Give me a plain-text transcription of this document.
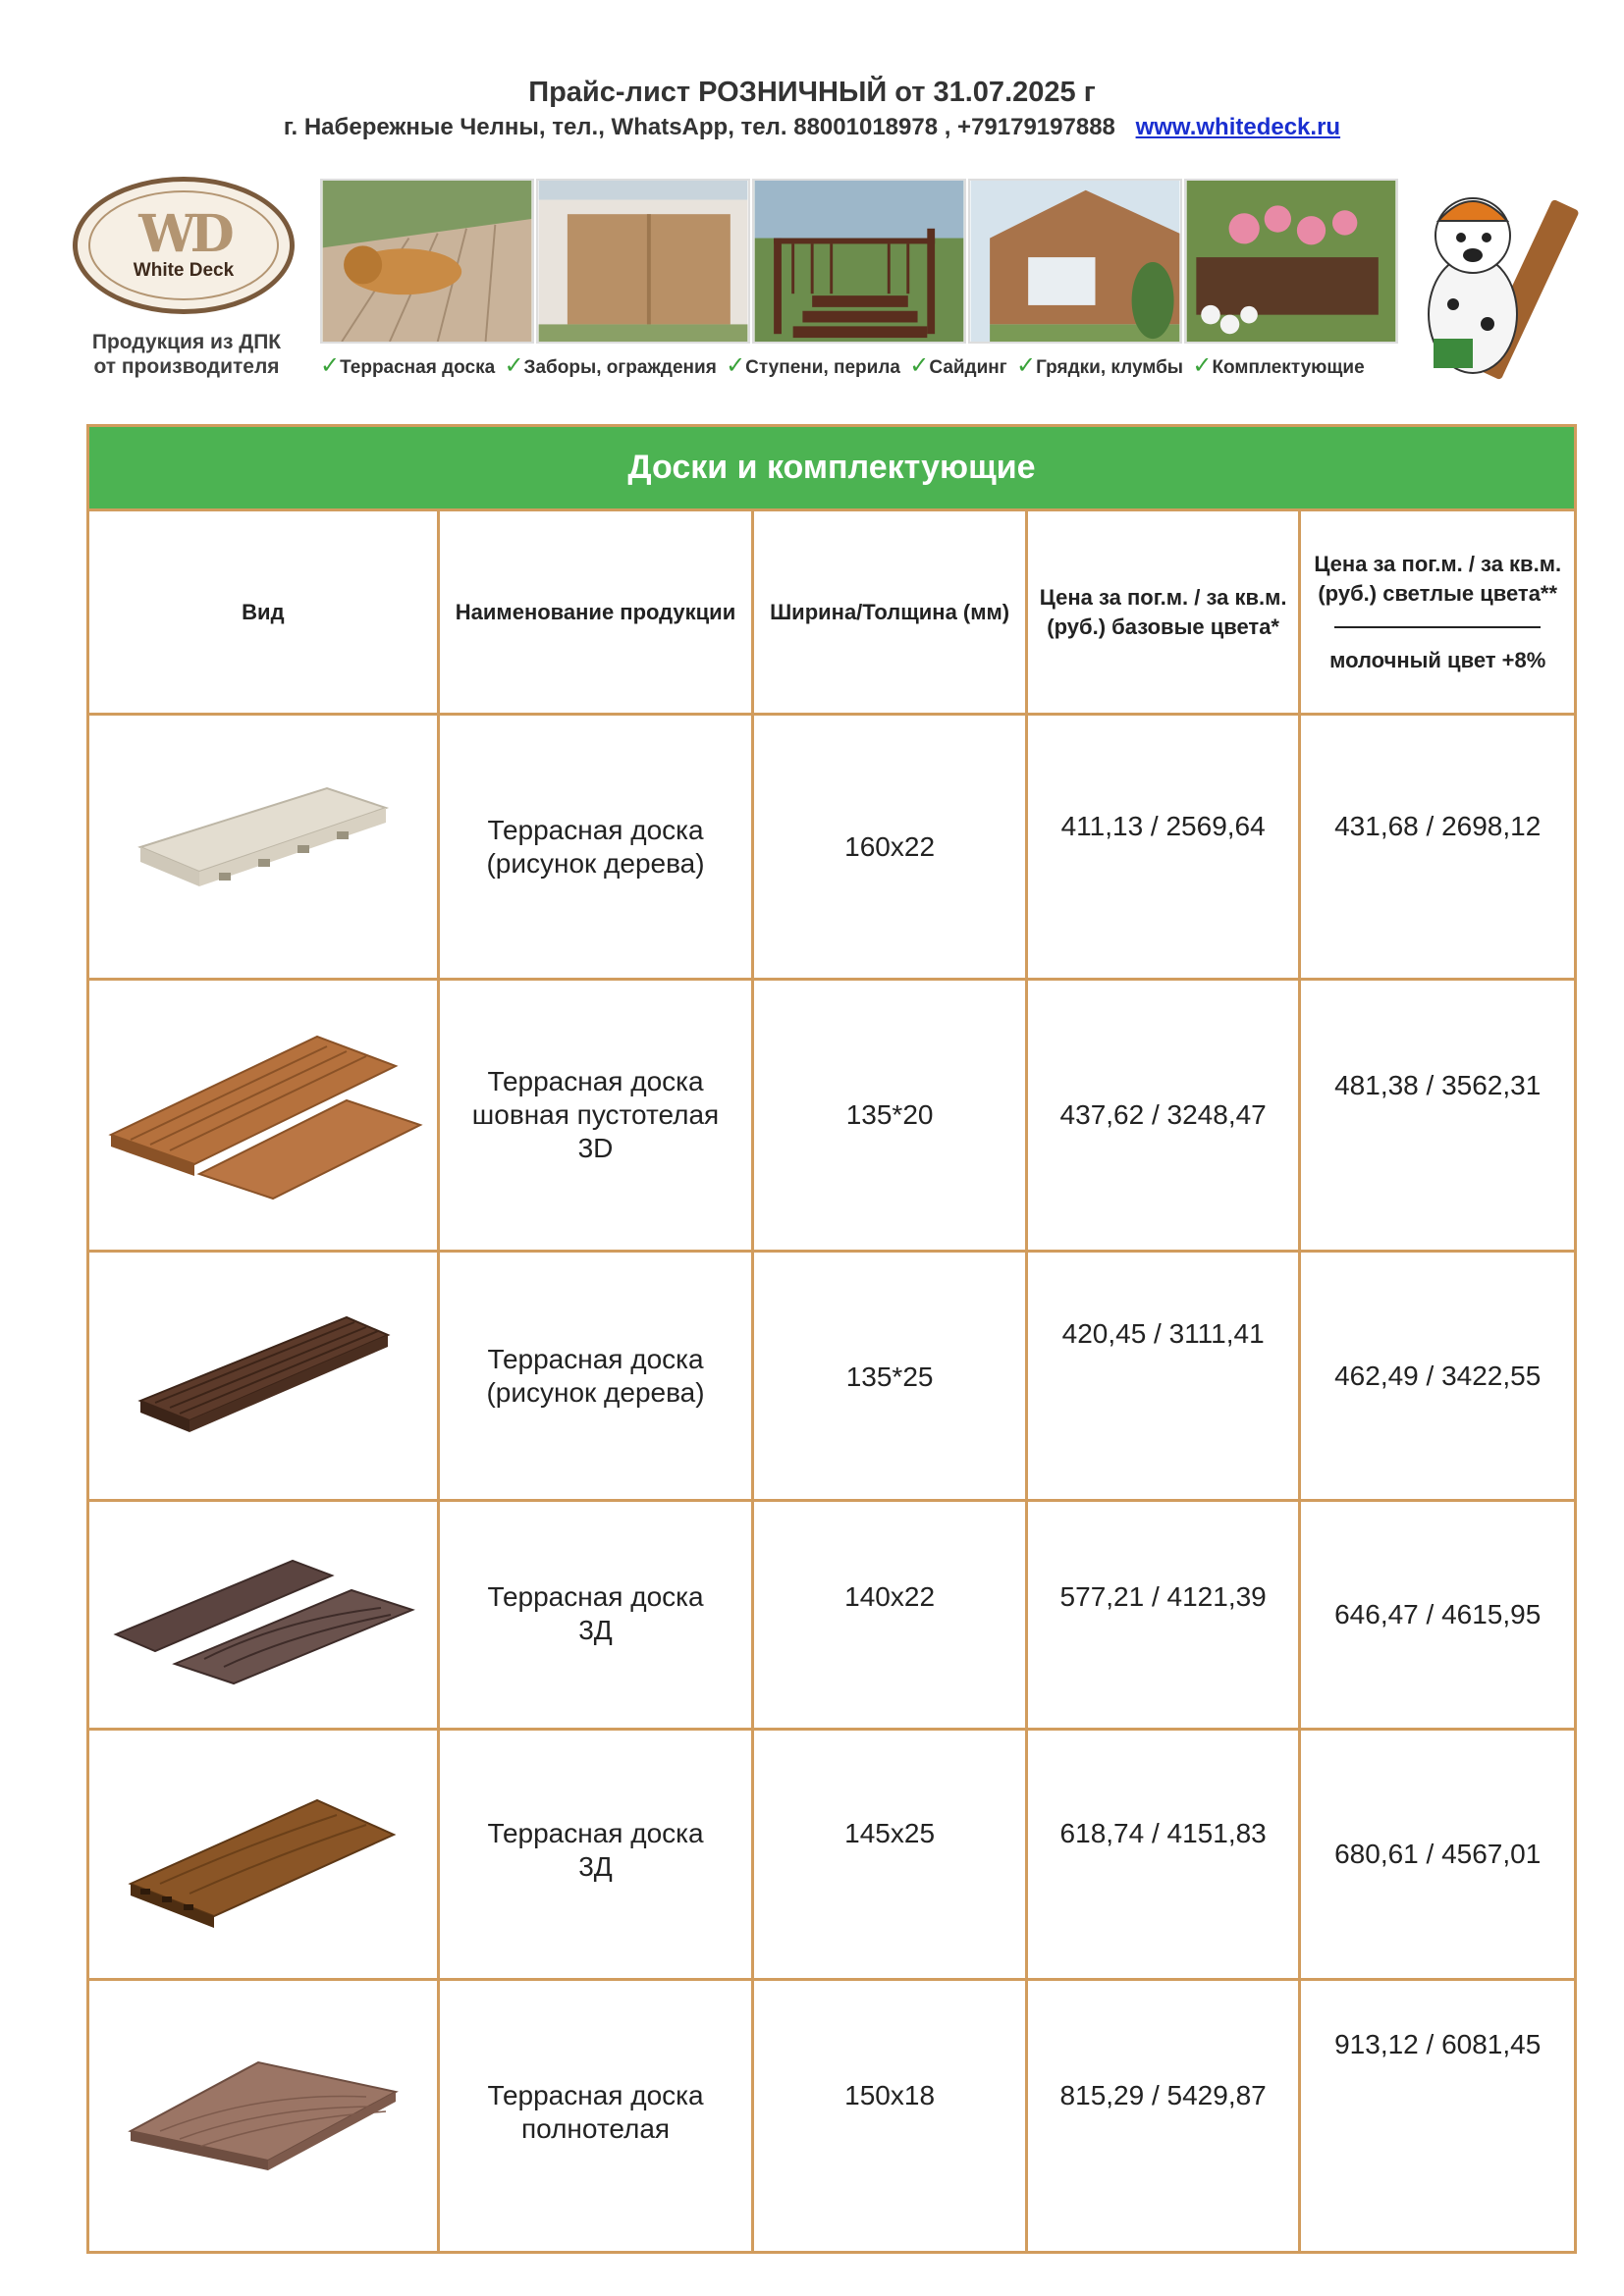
Прайс-лист РОЗНИЧНЫЙ от 31.07.2025 г
г. Набережные Челны, тел., WhatsApp, тел. 88001018978 , +79179197888 www.whitedeck.ru
WD
White Deck
Продукция из ДПК
от производителя	✓Террасная доска ✓Заборы, ограждения ✓Ступени, перила ✓Сайдинг ✓Грядки, клумбы ✓Комплектующие
Доски и комплектующие
Вид	Наименование продукции	Ширина/Толщина (мм)	Цена за пог.м. / за кв.м. (руб.) базовые цвета*	Цена за пог.м. / за кв.м. (руб.) светлые цвета**
молочный цвет +8%

Террасная доска
(рисунок дерева)	160x22	411,13 / 2569,64	431,68 / 2698,12

Террасная доска
шовная пустотелая
3D	135*20	437,62 / 3248,47	481,38 / 3562,31

Террасная доска
(рисунок дерева)	135*25	420,45 / 3111,41	462,49 / 3422,55

Террасная доска
3Д	140x22	577,21 / 4121,39	646,47 / 4615,95

Террасная доска
3Д	145x25	618,74 / 4151,83	680,61 / 4567,01

Террасная доска
полнотелая	150x18	815,29 / 5429,87	913,12 / 6081,45
